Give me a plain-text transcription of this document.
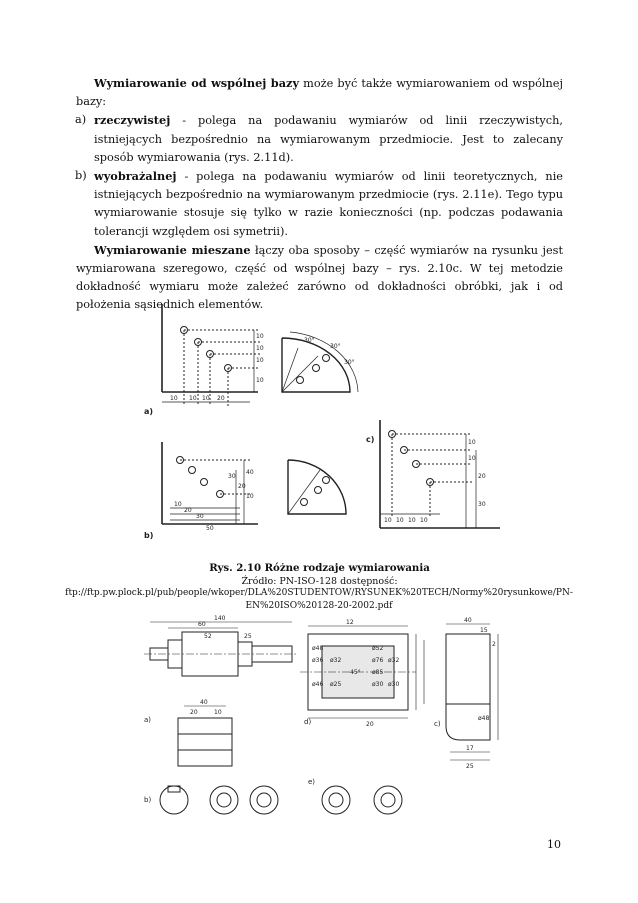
Wymiarowanie od wspólnej bazy może być także wymiarowaniem od wspólnej bazy:

a) rzeczywistej - polega na podawaniu wymiarów od linii rzeczywistych, istniejących bezpośrednio na wymiarowanym przedmiocie. Jest to zalecany sposób wymiarowania (rys. 2.11d).

b) wyobrażalnej - polega na podawaniu wymiarów od linii teoretycznych, nie istniejących bezpośrednio na wymiarowanym przedmiocie (rys. 2.11e). Tego typu wymiarowanie stosuje się tylko w razie konieczności (np. podczas podawania tolerancji względem osi symetrii).

Wymiarowanie mieszane łączy oba sposoby – część wymiarów na rysunku jest wymiarowana szeregowo, część od wspólnej bazy – rys. 2.10c. W tej metodzie dokładność wymiaru może zależeć zarówno od dokładności obróbki, jak i od położenia sąsiednich elementów.

a)
b)
c)
10 10 10 20
10
10
10
10
30°
30°
30°
10
20
30
50
10
20
30
40
10 10 10 10
10
10
20
30
Rys. 2.10 Różne rodzaje wymiarowania
Źródło: PN-ISO-128 dostępność:
ftp://ftp.pw.plock.pl/pub/people/wkoper/DLA%20STUDENTOW/RYSUNEK%20TECH/Normy%20rysunkowe/PN-EN%20ISO%20128-20-2002.pdf
a)
b)
c)
d)
e)
140
60
52	25
40
20	10
ø48
ø36
ø46
ø32
ø25
ø52
ø76
ø85
ø30
ø32
ø30
12
20
45°
40
15
2
ø48
17
25
10
